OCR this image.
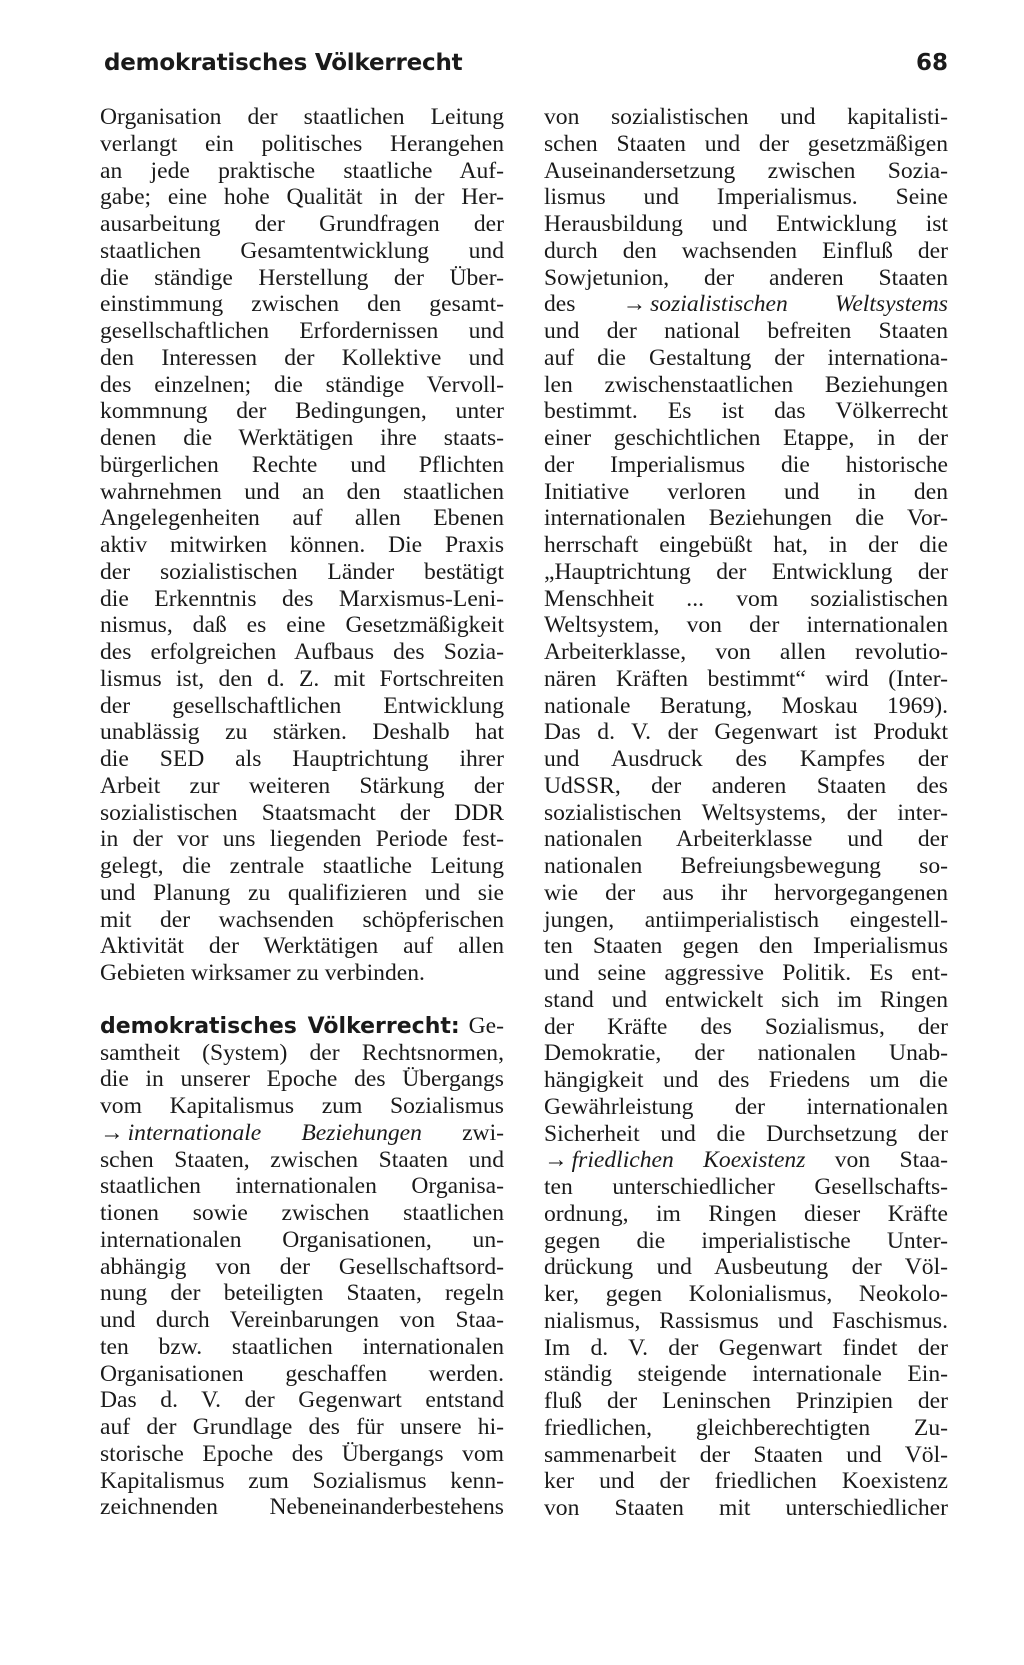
demokratisches Völkerrecht	68
Organisation der staatlichen Leitung
verlangt ein politisches Herangehen
an jede praktische staatliche Auf-
gabe; eine hohe Qualität in der Her-
ausarbeitung der Grundfragen der
staatlichen Gesamtentwicklung und
die ständige Herstellung der Über-
einstimmung zwischen den gesamt-
gesellschaftlichen Erfordernissen und
den Interessen der Kollektive und
des einzelnen; die ständige Vervoll-
kommnung der Bedingungen, unter
denen die Werktätigen ihre staats-
bürgerlichen Rechte und Pflichten
wahrnehmen und an den staatlichen
Angelegenheiten auf allen Ebenen
aktiv mitwirken können. Die Praxis
der sozialistischen Länder bestätigt
die Erkenntnis des Marxismus-Leni-
nismus, daß es eine Gesetzmäßigkeit
des erfolgreichen Aufbaus des Sozia-
lismus ist, den d. Z. mit Fortschreiten
der gesellschaftlichen Entwicklung
unablässig zu stärken. Deshalb hat
die SED als Hauptrichtung ihrer
Arbeit zur weiteren Stärkung der
sozialistischen Staatsmacht der DDR
in der vor uns liegenden Periode fest-
gelegt, die zentrale staatliche Leitung
und Planung zu qualifizieren und sie
mit der wachsenden schöpferischen
Aktivität der Werktätigen auf allen
Gebieten wirksamer zu verbinden.
demokratisches Völkerrecht: Ge-
samtheit (System) der Rechtsnormen,
die in unserer Epoche des Übergangs
vom Kapitalismus zum Sozialismus
→ internationale Beziehungen zwi-
schen Staaten, zwischen Staaten und
staatlichen internationalen Organisa-
tionen sowie zwischen staatlichen
internationalen Organisationen, un-
abhängig von der Gesellschaftsord-
nung der beteiligten Staaten, regeln
und durch Vereinbarungen von Staa-
ten bzw. staatlichen internationalen
Organisationen geschaffen werden.
Das d. V. der Gegenwart entstand
auf der Grundlage des für unsere hi-
storische Epoche des Übergangs vom
Kapitalismus zum Sozialismus kenn-
zeichnenden Nebeneinanderbestehens
von sozialistischen und kapitalisti-
schen Staaten und der gesetzmäßigen
Auseinandersetzung zwischen Sozia-
lismus und Imperialismus. Seine
Herausbildung und Entwicklung ist
durch den wachsenden Einfluß der
Sowjetunion, der anderen Staaten
des → sozialistischen Weltsystems
und der national befreiten Staaten
auf die Gestaltung der internationa-
len zwischenstaatlichen Beziehungen
bestimmt. Es ist das Völkerrecht
einer geschichtlichen Etappe, in der
der Imperialismus die historische
Initiative verloren und in den
internationalen Beziehungen die Vor-
herrschaft eingebüßt hat, in der die
„Hauptrichtung der Entwicklung der
Menschheit ... vom sozialistischen
Weltsystem, von der internationalen
Arbeiterklasse, von allen revolutio-
nären Kräften bestimmt“ wird (Inter-
nationale Beratung, Moskau 1969).
Das d. V. der Gegenwart ist Produkt
und Ausdruck des Kampfes der
UdSSR, der anderen Staaten des
sozialistischen Weltsystems, der inter-
nationalen Arbeiterklasse und der
nationalen Befreiungsbewegung so-
wie der aus ihr hervorgegangenen
jungen, antiimperialistisch eingestell-
ten Staaten gegen den Imperialismus
und seine aggressive Politik. Es ent-
stand und entwickelt sich im Ringen
der Kräfte des Sozialismus, der
Demokratie, der nationalen Unab-
hängigkeit und des Friedens um die
Gewährleistung der internationalen
Sicherheit und die Durchsetzung der
→ friedlichen Koexistenz von Staa-
ten unterschiedlicher Gesellschafts-
ordnung, im Ringen dieser Kräfte
gegen die imperialistische Unter-
drückung und Ausbeutung der Völ-
ker, gegen Kolonialismus, Neokolo-
nialismus, Rassismus und Faschismus.
Im d. V. der Gegenwart findet der
ständig steigende internationale Ein-
fluß der Leninschen Prinzipien der
friedlichen, gleichberechtigten Zu-
sammenarbeit der Staaten und Völ-
ker und der friedlichen Koexistenz
von Staaten mit unterschiedlicher
